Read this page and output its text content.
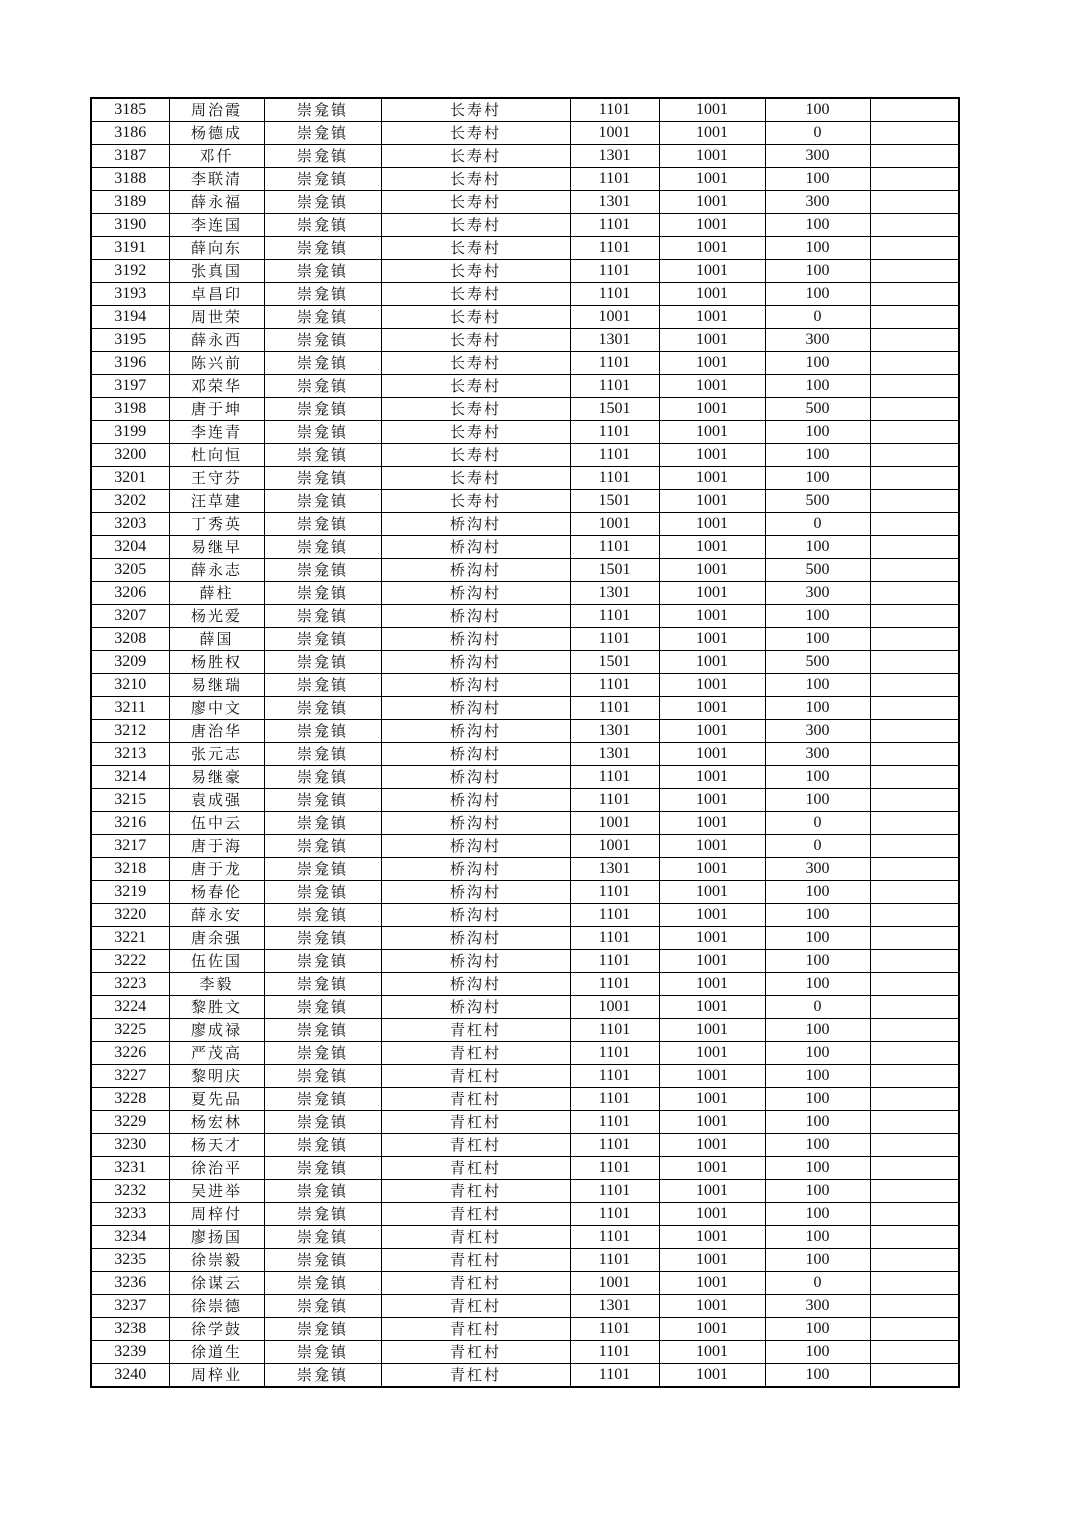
3185	周治霞	崇龛镇	长寿村	1101	1001	100	
3186	杨德成	崇龛镇	长寿村	1001	1001	0	
3187	邓仟	崇龛镇	长寿村	1301	1001	300	
3188	李联清	崇龛镇	长寿村	1101	1001	100	
3189	薛永福	崇龛镇	长寿村	1301	1001	300	
3190	李连国	崇龛镇	长寿村	1101	1001	100	
3191	薛向东	崇龛镇	长寿村	1101	1001	100	
3192	张真国	崇龛镇	长寿村	1101	1001	100	
3193	卓昌印	崇龛镇	长寿村	1101	1001	100	
3194	周世荣	崇龛镇	长寿村	1001	1001	0	
3195	薛永西	崇龛镇	长寿村	1301	1001	300	
3196	陈兴前	崇龛镇	长寿村	1101	1001	100	
3197	邓荣华	崇龛镇	长寿村	1101	1001	100	
3198	唐于坤	崇龛镇	长寿村	1501	1001	500	
3199	李连青	崇龛镇	长寿村	1101	1001	100	
3200	杜向恒	崇龛镇	长寿村	1101	1001	100	
3201	王守芬	崇龛镇	长寿村	1101	1001	100	
3202	汪草建	崇龛镇	长寿村	1501	1001	500	
3203	丁秀英	崇龛镇	桥沟村	1001	1001	0	
3204	易继早	崇龛镇	桥沟村	1101	1001	100	
3205	薛永志	崇龛镇	桥沟村	1501	1001	500	
3206	薛柱	崇龛镇	桥沟村	1301	1001	300	
3207	杨光爱	崇龛镇	桥沟村	1101	1001	100	
3208	薛国	崇龛镇	桥沟村	1101	1001	100	
3209	杨胜权	崇龛镇	桥沟村	1501	1001	500	
3210	易继瑞	崇龛镇	桥沟村	1101	1001	100	
3211	廖中文	崇龛镇	桥沟村	1101	1001	100	
3212	唐治华	崇龛镇	桥沟村	1301	1001	300	
3213	张元志	崇龛镇	桥沟村	1301	1001	300	
3214	易继豪	崇龛镇	桥沟村	1101	1001	100	
3215	袁成强	崇龛镇	桥沟村	1101	1001	100	
3216	伍中云	崇龛镇	桥沟村	1001	1001	0	
3217	唐于海	崇龛镇	桥沟村	1001	1001	0	
3218	唐于龙	崇龛镇	桥沟村	1301	1001	300	
3219	杨春伦	崇龛镇	桥沟村	1101	1001	100	
3220	薛永安	崇龛镇	桥沟村	1101	1001	100	
3221	唐余强	崇龛镇	桥沟村	1101	1001	100	
3222	伍佐国	崇龛镇	桥沟村	1101	1001	100	
3223	李毅	崇龛镇	桥沟村	1101	1001	100	
3224	黎胜文	崇龛镇	桥沟村	1001	1001	0	
3225	廖成禄	崇龛镇	青杠村	1101	1001	100	
3226	严茂高	崇龛镇	青杠村	1101	1001	100	
3227	黎明庆	崇龛镇	青杠村	1101	1001	100	
3228	夏先品	崇龛镇	青杠村	1101	1001	100	
3229	杨宏林	崇龛镇	青杠村	1101	1001	100	
3230	杨天才	崇龛镇	青杠村	1101	1001	100	
3231	徐治平	崇龛镇	青杠村	1101	1001	100	
3232	吴进举	崇龛镇	青杠村	1101	1001	100	
3233	周梓付	崇龛镇	青杠村	1101	1001	100	
3234	廖扬国	崇龛镇	青杠村	1101	1001	100	
3235	徐崇毅	崇龛镇	青杠村	1101	1001	100	
3236	徐谋云	崇龛镇	青杠村	1001	1001	0	
3237	徐崇德	崇龛镇	青杠村	1301	1001	300	
3238	徐学鼓	崇龛镇	青杠村	1101	1001	100	
3239	徐道生	崇龛镇	青杠村	1101	1001	100	
3240	周梓业	崇龛镇	青杠村	1101	1001	100	
